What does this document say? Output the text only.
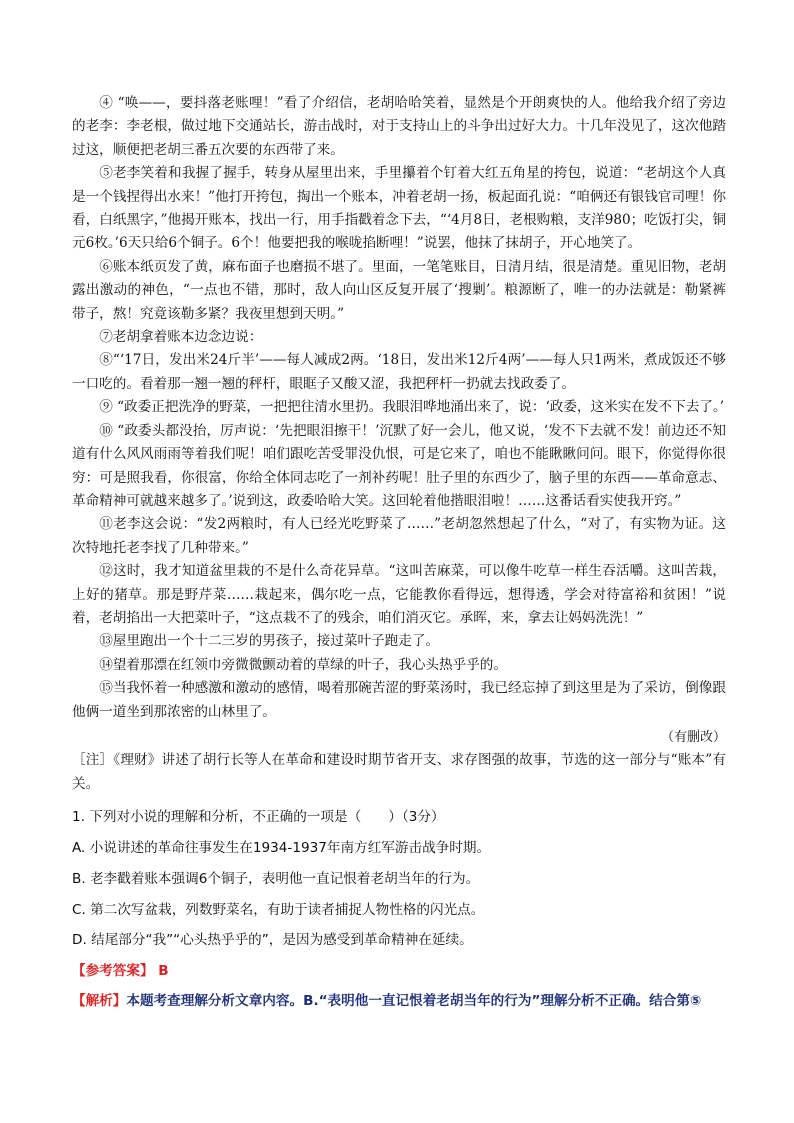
④ “唤——，要抖落老账哩！”看了介绍信，老胡哈哈笑着，显然是个开朗爽快的人。他给我介绍了旁边的老李：李老根，做过地下交通站长，游击战时，对于支持山上的斗争出过好大力。十几年没见了，这次他踏过这，顺便把老胡三番五次要的东西带了来。

⑤老李笑着和我握了握手，转身从屋里出来，手里攥着个钉着大红五角星的挎包，说道：“老胡这个人真是一个钱捏得出水来！”他打开挎包，掏出一个账本，冲着老胡一扬，板起面孔说：“咱俩还有银钱官司哩！你看，白纸黑字，”他揭开账本，找出一行，用手指戳着念下去，“‘4月8日，老根购粮，支洋980；吃饭打尖，铜元6枚。’6天只给6个铜子。6个！他要把我的喉咙掐断哩！”说罢，他抹了抹胡子，开心地笑了。

⑥账本纸页发了黄，麻布面子也磨损不堪了。里面，一笔笔账目，日清月结，很是清楚。重见旧物，老胡露出激动的神色，“一点也不错，那时，敌人向山区反复开展了‘搜剿’。粮源断了，唯一的办法就是：勒紧裤带子，熬！究竟该勒多紧？我夜里想到天明。”

⑦老胡拿着账本边念边说：

⑧“‘17日，发出米24斤半’——每人减成2两。‘18日，发出米12斤4两’——每人只1两米，煮成饭还不够一口吃的。看着那一翘一翘的秤杆，眼眶子又酸又涩，我把秤杆一扔就去找政委了。

⑨ “政委正把洗净的野菜，一把把往清水里扔。我眼泪哗地涌出来了，说：‘政委，这米实在发不下去了。’

⑩ “政委头都没抬，厉声说：‘先把眼泪擦干！’沉默了好一会儿，他又说，‘发不下去就不发！前边还不知道有什么风风雨雨等着我们呢！咱们跟吃苦受罪没仇恨，可是它来了，咱也不能瞅瞅问问。眼下，你觉得你很穷：可是照我看，你很富，你给全体同志吃了一剂补药呢！肚子里的东西少了，脑子里的东西——革命意志、革命精神可就越来越多了。’说到这，政委哈哈大笑。这回轮着他揩眼泪啦！……这番话看实使我开窍。”

⑪老李这会说：“发2两粮时，有人已经光吃野菜了……”老胡忽然想起了什么，“对了，有实物为证。这次特地托老李找了几种带来。”

⑫这时，我才知道盆里栽的不是什么奇花异草。“这叫苦麻菜，可以像牛吃草一样生吞活嚼。这叫苦栽，上好的猪草。那是野芹菜……栽起来，偶尔吃一点，它能教你看得远，想得透，学会对待富裕和贫困！”说着，老胡掐出一大把菜叶子，“这点栽不了的残余，咱们消灭它。承晖，来，拿去让妈妈洗洗！”

⑬屋里跑出一个十二三岁的男孩子，接过菜叶子跑走了。

⑭望着那漂在红领巾旁微微颤动着的草绿的叶子，我心头热乎乎的。

⑮当我怀着一种感激和激动的感情，喝着那碗苦涩的野菜汤时，我已经忘掉了到这里是为了采访，倒像跟他俩一道坐到那浓密的山林里了。

（有删改）

［注］《理财》讲述了胡行长等人在革命和建设时期节省开支、求存图强的故事，节选的这一部分与“账本”有关。

1. 下列对小说的理解和分析，不正确的一项是（　　）（3分）

A. 小说讲述的革命往事发生在1934-1937年南方红军游击战争时期。

B. 老李戳着账本强调6个铜子，表明他一直记恨着老胡当年的行为。

C. 第二次写盆栽，列数野菜名，有助于读者捕捉人物性格的闪光点。

D. 结尾部分“我”“心头热乎乎的”，是因为感受到革命精神在延续。

【参考答案】 B
【解析】本题考查理解分析文章内容。B.“表明他一直记恨着老胡当年的行为”理解分析不正确。结合第⑤
